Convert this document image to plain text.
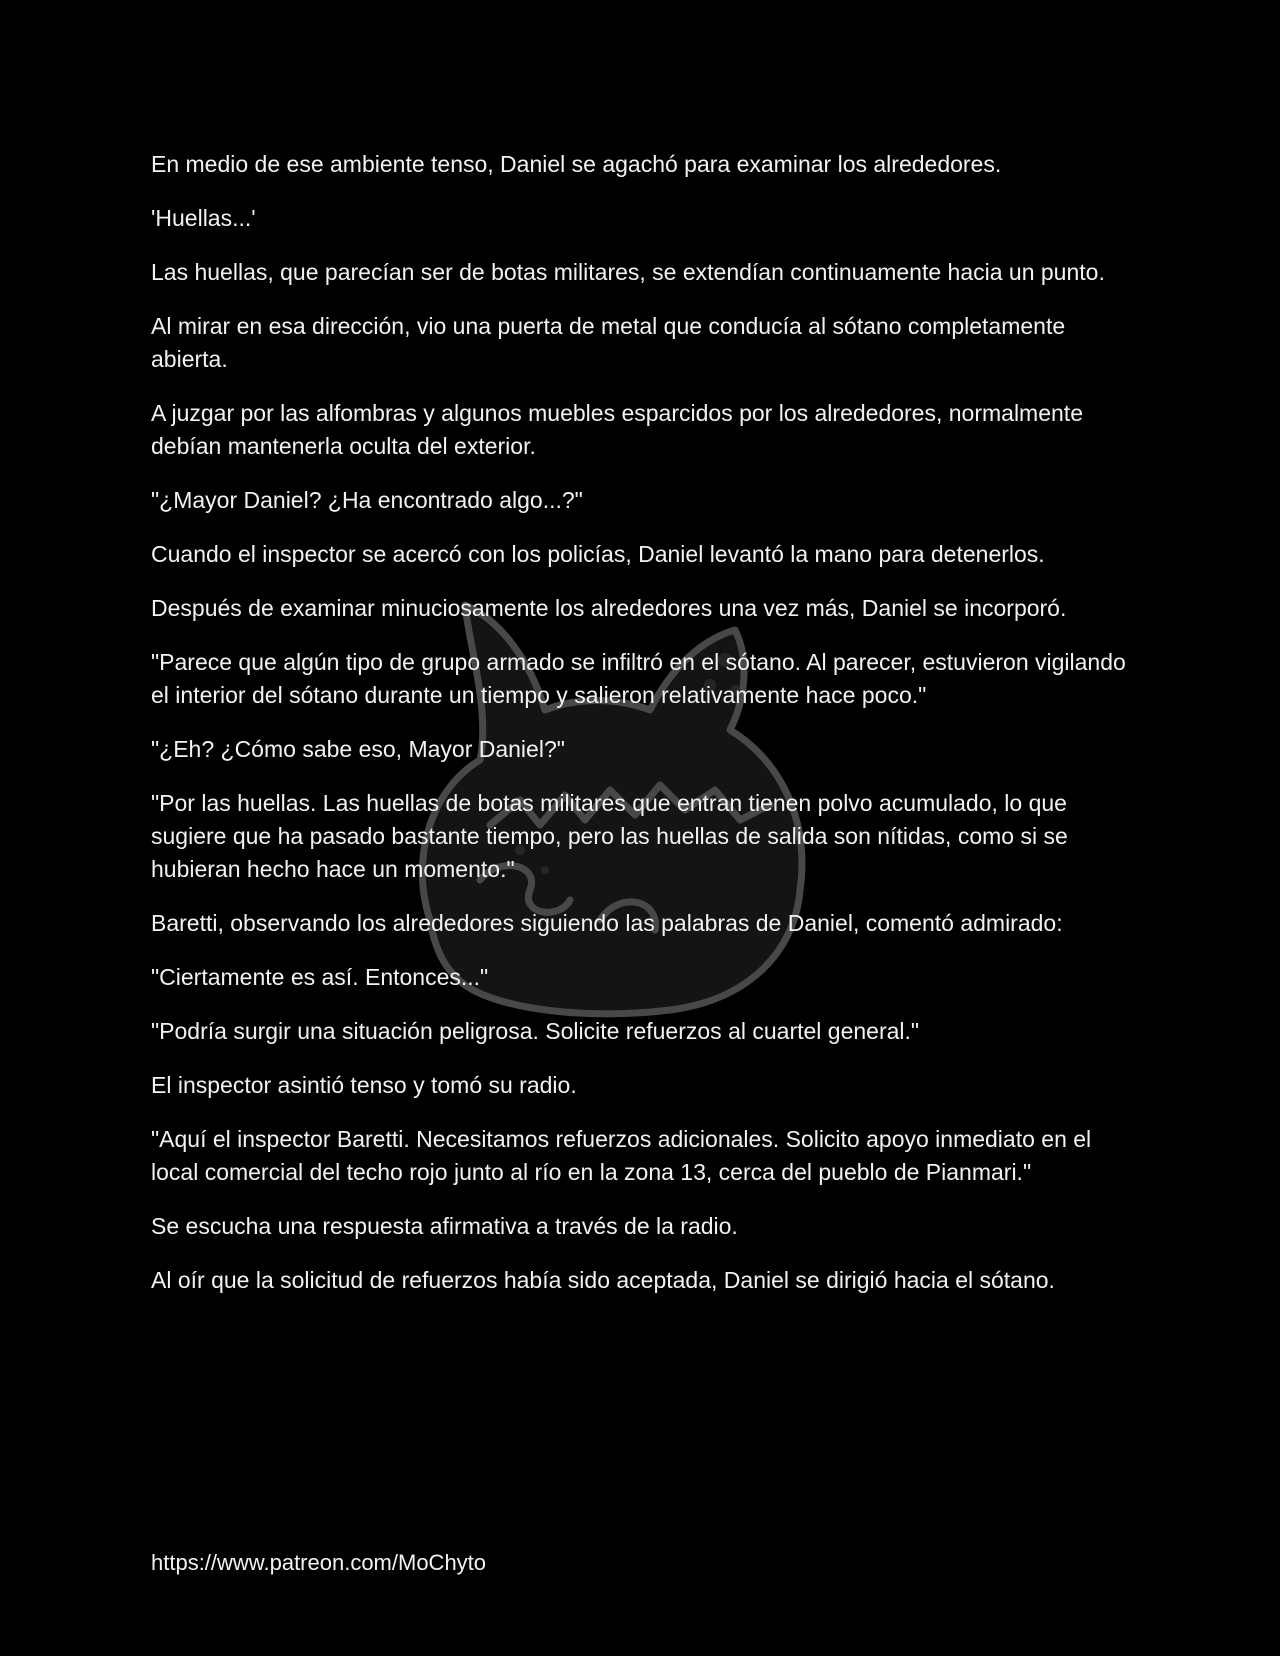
En medio de ese ambiente tenso, Daniel se agachó para examinar los alrededores.

'Huellas...'

Las huellas, que parecían ser de botas militares, se extendían continuamente hacia un punto.

Al mirar en esa dirección, vio una puerta de metal que conducía al sótano completamente abierta.

A juzgar por las alfombras y algunos muebles esparcidos por los alrededores, normalmente debían mantenerla oculta del exterior.

"¿Mayor Daniel? ¿Ha encontrado algo...?"

Cuando el inspector se acercó con los policías, Daniel levantó la mano para detenerlos.

Después de examinar minuciosamente los alrededores una vez más, Daniel se incorporó.

"Parece que algún tipo de grupo armado se infiltró en el sótano. Al parecer, estuvieron vigilando el interior del sótano durante un tiempo y salieron relativamente hace poco."

"¿Eh? ¿Cómo sabe eso, Mayor Daniel?"

"Por las huellas. Las huellas de botas militares que entran tienen polvo acumulado, lo que sugiere que ha pasado bastante tiempo, pero las huellas de salida son nítidas, como si se hubieran hecho hace un momento."

Baretti, observando los alrededores siguiendo las palabras de Daniel, comentó admirado:

"Ciertamente es así. Entonces..."

"Podría surgir una situación peligrosa. Solicite refuerzos al cuartel general."

El inspector asintió tenso y tomó su radio.

"Aquí el inspector Baretti. Necesitamos refuerzos adicionales. Solicito apoyo inmediato en el local comercial del techo rojo junto al río en la zona 13, cerca del pueblo de Pianmari."

Se escucha una respuesta afirmativa a través de la radio.

Al oír que la solicitud de refuerzos había sido aceptada, Daniel se dirigió hacia el sótano.

https://www.patreon.com/MoChyto
